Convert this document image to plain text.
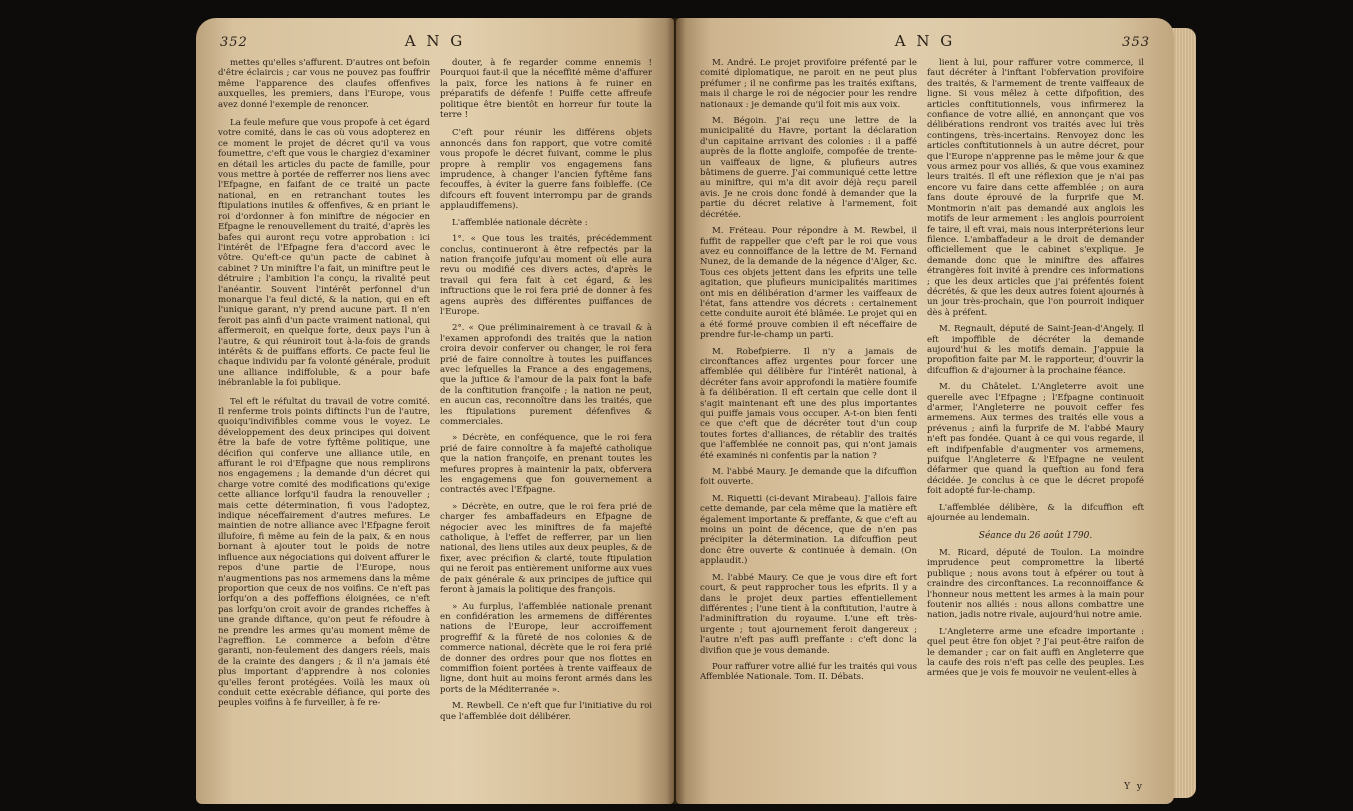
352	A N G

mettes qu'elles s'affurent. D'autres ont befoin d'être éclaircis ; car vous ne pouvez pas fouffrir même l'apparence des claufes offenfives auxquelles, les premiers, dans l'Europe, vous avez donné l'exemple de renoncer.

La feule mefure que vous propofe à cet égard votre comité, dans le cas où vous adopterez en ce moment le projet de décret qu'il va vous foumettre, c'eft que vous le chargiez d'examiner en détail les articles du pacte de famille, pour vous mettre à portée de refferrer nos liens avec l'Efpagne, en faifant de ce traité un pacte national, en en retranchant toutes les ftipulations inutiles & offenfives, & en priant le roi d'ordonner à fon miniftre de négocier en Efpagne le renouvellement du traité, d'après les bafes qui auront reçu votre approbation : ici l'intérêt de l'Efpagne fera d'accord avec le vôtre. Qu'eft-ce qu'un pacte de cabinet à cabinet ? Un miniftre l'a fait, un miniftre peut le détruire ; l'ambition l'a conçu, la rivalité peut l'anéantir. Souvent l'intérêt perfonnel d'un monarque l'a feul dicté, & la nation, qui en eft l'unique garant, n'y prend aucune part. Il n'en feroit pas ainfi d'un pacte vraiment national, qui affermeroit, en quelque forte, deux pays l'un à l'autre, & qui réuniroit tout à-la-fois de grands intérêts & de puiffans efforts. Ce pacte feul lie chaque individu par fa volonté générale, produit une alliance indiffoluble, & a pour bafe inébranlable la foi publique.

Tel eft le réfultat du travail de votre comité. Il renferme trois points diftincts l'un de l'autre, quoiqu'indivifibles comme vous le voyez. Le développement des deux principes qui doivent être la bafe de votre fyftême politique, une décifion qui conferve une alliance utile, en affurant le roi d'Efpagne que nous remplirons nos engagemens ; la demande d'un décret qui charge votre comité des modifications qu'exige cette alliance lorfqu'il faudra la renouveller ; mais cette détermination, fi vous l'adoptez, indique néceffairement d'autres mefures. Le maintien de notre alliance avec l'Efpagne feroit illufoire, fi même au fein de la paix, & en nous bornant à ajouter tout le poids de notre influence aux négociations qui doivent affurer le repos d'une partie de l'Europe, nous n'augmentions pas nos armemens dans la même proportion que ceux de nos voifins. Ce n'eft pas lorfqu'on a des poffeffions éloignées, ce n'eft pas lorfqu'on croit avoir de grandes richeffes à une grande diftance, qu'on peut fe réfoudre à ne prendre les armes qu'au moment même de l'agreffion. Le commerce a befoin d'être garanti, non-feulement des dangers réels, mais de la crainte des dangers ; & il n'a jamais été plus important d'apprendre à nos colonies qu'elles feront protégées. Voilà les maux où conduit cette exécrable défiance, qui porte des peuples voifins à fe furveiller, à fe re-

douter, à fe regarder comme ennemis ! Pourquoi faut-il que la néceffité même d'affurer la paix, force les nations à fe ruiner en préparatifs de défenfe ! Puiffe cette affreufe politique être bientôt en horreur fur toute la terre !

C'eft pour réunir les différens objets annoncés dans fon rapport, que votre comité vous propofe le décret fuivant, comme le plus propre à remplir vos engagemens fans imprudence, à changer l'ancien fyftême fans fecouffes, à éviter la guerre fans foibleffe. (Ce difcours eft fouvent interrompu par de grands applaudiffemens).

L'affemblée nationale décrète :

1°. « Que tous les traités, précédemment conclus, continueront à être refpectés par la nation françoife jufqu'au moment où elle aura revu ou modifié ces divers actes, d'après le travail qui fera fait à cet égard, & les inftructions que le roi fera prié de donner à fes agens auprès des différentes puiffances de l'Europe.

2°. « Que préliminairement à ce travail & à l'examen approfondi des traités que la nation croira devoir conferver ou changer, le roi fera prié de faire connoître à toutes les puiffances avec lefquelles la France a des engagemens, que la juftice & l'amour de la paix font la bafe de la conftitution françoife ; la nation ne peut, en aucun cas, reconnoître dans les traités, que les ftipulations purement défenfives & commerciales.

» Décrète, en conféquence, que le roi fera prié de faire connoître à fa majefté catholique que la nation françoife, en prenant toutes les mefures propres à maintenir la paix, obfervera les engagemens que fon gouvernement a contractés avec l'Efpagne.

» Décrète, en outre, que le roi fera prié de charger fes ambaffadeurs en Efpagne de négocier avec les miniftres de fa majefté catholique, à l'effet de refferrer, par un lien national, des liens utiles aux deux peuples, & de fixer, avec précifion & clarté, toute ftipulation qui ne feroit pas entièrement uniforme aux vues de paix générale & aux principes de juftice qui feront à jamais la politique des françois.

» Au furplus, l'affemblée nationale prenant en confidération les armemens de différentes nations de l'Europe, leur accroiffement progreffif & la fûreté de nos colonies & de commerce national, décrète que le roi fera prié de donner des ordres pour que nos flottes en commiffion foient portées à trente vaiffeaux de ligne, dont huit au moins feront armés dans les ports de la Méditerranée ».

M. Rewbell. Ce n'eft que fur l'initiative du roi que l'affemblée doit délibérer.

A N G	353

M. André. Le projet provifoire préfenté par le comité diplomatique, ne paroit en ne peut plus préfumer ; il ne confirme pas les traités exiftans, mais il charge le roi de négocier pour les rendre nationaux : je demande qu'il foit mis aux voix.

M. Bégoin. J'ai reçu une lettre de la municipalité du Havre, portant la déclaration d'un capitaine arrivant des colonies : il a paffé auprès de la flotte angloife, compofée de trente-un vaiffeaux de ligne, & plufieurs autres bâtimens de guerre. J'ai communiqué cette lettre au miniftre, qui m'a dit avoir déjà reçu pareil avis. Je ne crois donc fondé à demander que la partie du décret relative à l'armement, foit décrétée.

M. Fréteau. Pour répondre à M. Rewbel, il fuffit de rappeller que c'eft par le roi que vous avez eu connoiffance de la lettre de M. Fernand Nunez, de la demande de la négence d'Alger, &c. Tous ces objets jettent dans les efprits une telle agitation, que plufieurs municipalités maritimes ont mis en délibération d'armer les vaiffeaux de l'état, fans attendre vos décrets : certainement cette conduite auroit été blâmée. Le projet qui en a été formé prouve combien il eft néceffaire de prendre fur-le-champ un parti.

M. Robefpierre. Il n'y a jamais de circonftances affez urgentes pour forcer une affemblée qui délibère fur l'intérêt national, à décréter fans avoir approfondi la matière foumife à fa délibération. Il eft certain que celle dont il s'agit maintenant eft une des plus importantes qui puiffe jamais vous occuper. A-t-on bien fenti ce que c'eft que de décréter tout d'un coup toutes fortes d'alliances, de rétablir des traités que l'affemblée ne connoit pas, qui n'ont jamais été examinés ni confentis par la nation ?

M. l'abbé Maury. Je demande que la difcuffion foit ouverte.

M. Riquetti (ci-devant Mirabeau). J'allois faire cette demande, par cela même que la matière eft également importante & preffante, & que c'eft au moins un point de décence, que de n'en pas précipiter la détermination. La difcuffion peut donc être ouverte & continuée à demain. (On applaudit.)

M. l'abbé Maury. Ce que je vous dire eft fort court, & peut rapprocher tous les efprits. Il y a dans le projet deux parties effentiellement différentes ; l'une tient à la conftitution, l'autre à l'adminiftration du royaume. L'une eft très-urgente ; tout ajournement feroit dangereux ; l'autre n'eft pas auffi preffante : c'eft donc la divifion que je vous demande.

Pour raffurer votre allié fur les traités qui vous Affemblée Nationale. Tom. II. Débats.

lient à lui, pour raffurer votre commerce, il faut décréter à l'inftant l'obfervation provifoire des traités, & l'armement de trente vaiffeaux de ligne. Si vous mêlez à cette difpofition, des articles conftitutionnels, vous infirmerez la confiance de votre allié, en annonçant que vos délibérations rendront vos traités avec lui très contingens, très-incertains. Renvoyez donc les articles conftitutionnels à un autre décret, pour que l'Europe n'apprenne pas le même jour & que vous armez pour vos alliés, & que vous examinez leurs traités. Il eft une réflexion que je n'ai pas encore vu faire dans cette affemblée ; on aura fans doute éprouvé de la furprife que M. Montmorin n'ait pas demandé aux anglois les motifs de leur armement : les anglois pourroient fe taire, il eft vrai, mais nous interpréterions leur filence. L'ambaffadeur a le droit de demander officiellement que le cabinet s'explique. Je demande donc que le miniftre des affaires étrangères foit invité à prendre ces informations ; que les deux articles que j'ai préfentés foient décrétés, & que les deux autres foient ajournés à un jour très-prochain, que l'on pourroit indiquer dès à préfent.

M. Regnault, député de Saint-Jean-d'Angely. Il eft impoffible de décréter la demande aujourd'hui & les motifs demain. J'appuie la propofition faite par M. le rapporteur, d'ouvrir la difcuffion & d'ajourner à la prochaine féance.

M. du Châtelet. L'Angleterre avoit une querelle avec l'Efpagne ; l'Efpagne continuoit d'armer, l'Angleterre ne pouvoit ceffer fes armemens. Aux termes des traités elle vous a prévenus ; ainfi la furprife de M. l'abbé Maury n'eft pas fondée. Quant à ce qui vous regarde, il eft indifpenfable d'augmenter vos armemens, puifque l'Angleterre & l'Efpagne ne veulent défarmer que quand la queftion au fond fera décidée. Je conclus à ce que le décret propofé foit adopté fur-le-champ.

L'affemblée délibère, & la difcuffion eft ajournée au lendemain.

Séance du 26 août 1790.

M. Ricard, député de Toulon. La moindre imprudence peut compromettre la liberté publique ; nous avons tout à efpérer ou tout à craindre des circonftances. La reconnoiffance & l'honneur nous mettent les armes à la main pour foutenir nos alliés : nous allons combattre une nation, jadis notre rivale, aujourd'hui notre amie.

L'Angleterre arme une efcadre importante : quel peut être fon objet ? J'ai peut-être raifon de le demander ; car on fait auffi en Angleterre que la caufe des rois n'eft pas celle des peuples. Les armées que je vois fe mouvoir ne veulent-elles à

Y y
